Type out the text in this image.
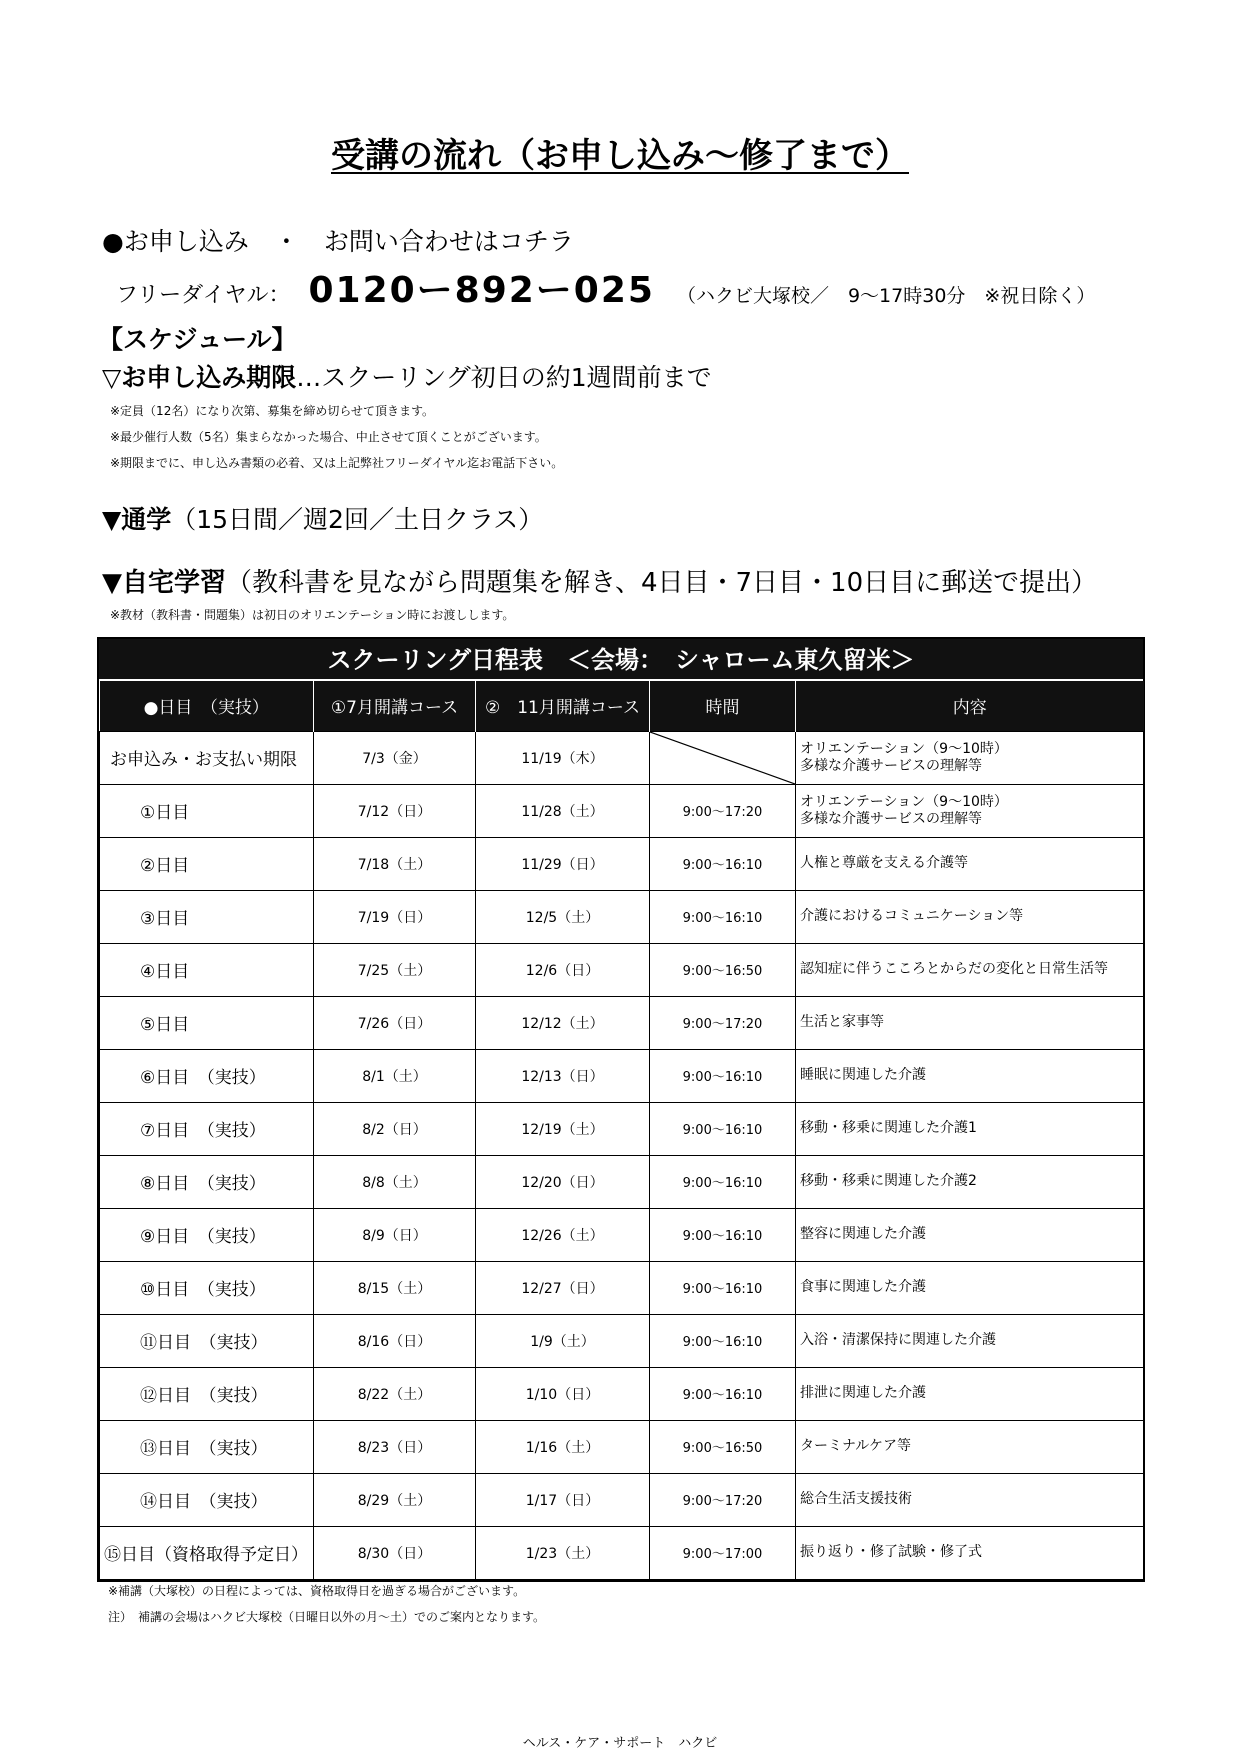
受講の流れ（お申し込み～修了まで）
●お申し込み　・　お問い合わせはコチラ
フリーダイヤル： 0120ー892ー025 （ハクビ大塚校／　9～17時30分　※祝日除く）
【スケジュール】
▽お申し込み期限…スクーリング初日の約1週間前まで
※定員（12名）になり次第、募集を締め切らせて頂きます。
※最少催行人数（5名）集まらなかった場合、中止させて頂くことがございます。
※期限までに、申し込み書類の必着、又は上記弊社フリーダイヤル迄お電話下さい。
▼通学（15日間／週2回／土日クラス）
▼自宅学習（教科書を見ながら問題集を解き、4日目・7日目・10日目に郵送で提出）
※教材（教科書・問題集）は初日のオリエンテーション時にお渡しします。
スクーリング日程表　＜会場：　シャローム東久留米＞
●日目　（実技）	①7月開講コース	②　11月開講コース	時間	内容
お申込み・お支払い期限	7/3（金）	11/19（木）		オリエンテーション（9～10時）
多様な介護サービスの理解等
①日目	7/12（日）	11/28（土）	9:00～17:20	オリエンテーション（9～10時）
多様な介護サービスの理解等
②日目	7/18（土）	11/29（日）	9:00～16:10	人権と尊厳を支える介護等
③日目	7/19（日）	12/5（土）	9:00～16:10	介護におけるコミュニケーション等
④日目	7/25（土）	12/6（日）	9:00～16:50	認知症に伴うこころとからだの変化と日常生活等
⑤日目	7/26（日）	12/12（土）	9:00～17:20	生活と家事等
⑥日目　（実技）	8/1（土）	12/13（日）	9:00～16:10	睡眠に関連した介護
⑦日目　（実技）	8/2（日）	12/19（土）	9:00～16:10	移動・移乗に関連した介護1
⑧日目　（実技）	8/8（土）	12/20（日）	9:00～16:10	移動・移乗に関連した介護2
⑨日目　（実技）	8/9（日）	12/26（土）	9:00～16:10	整容に関連した介護
⑩日目　（実技）	8/15（土）	12/27（日）	9:00～16:10	食事に関連した介護
⑪日目　（実技）	8/16（日）	1/9（土）	9:00～16:10	入浴・清潔保持に関連した介護
⑫日目　（実技）	8/22（土）	1/10（日）	9:00～16:10	排泄に関連した介護
⑬日目　（実技）	8/23（日）	1/16（土）	9:00～16:50	ターミナルケア等
⑭日目　（実技）	8/29（土）	1/17（日）	9:00～17:20	総合生活支援技術
⑮日目（資格取得予定日）	8/30（日）	1/23（土）	9:00～17:00	振り返り・修了試験・修了式
※補講（大塚校）の日程によっては、資格取得日を過ぎる場合がございます。
注）　補講の会場はハクビ大塚校（日曜日以外の月～土）でのご案内となります。
ヘルス・ケア・サポート　ハクビ
